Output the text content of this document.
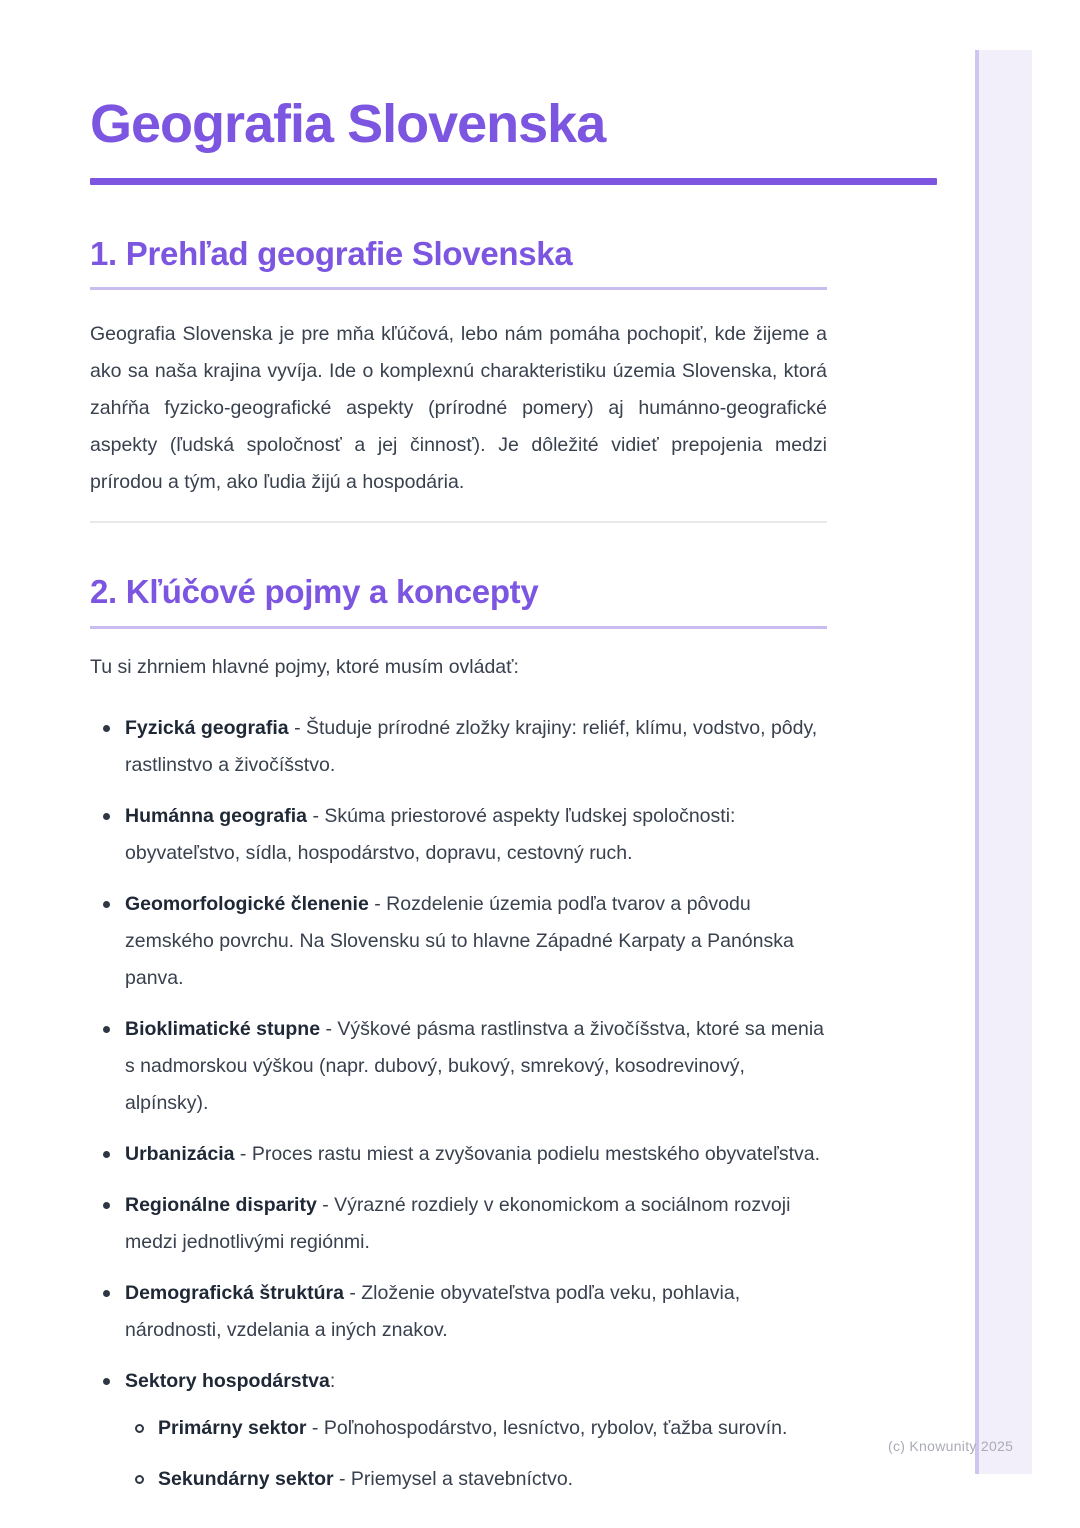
Geografia Slovenska
1. Prehľad geografie Slovenska

Geografia Slovenska je pre mňa kľúčová, lebo nám pomáha pochopiť, kde žijeme a ako sa naša krajina vyvíja. Ide o komplexnú charakteristiku územia Slovenska, ktorá zahŕňa fyzicko-geografické aspekty (prírodné pomery) aj humánno-geografické aspekty (ľudská spoločnosť a jej činnosť). Je dôležité vidieť prepojenia medzi prírodou a tým, ako ľudia žijú a hospodária.

2. Kľúčové pojmy a koncepty

Tu si zhrniem hlavné pojmy, ktoré musím ovládať:

Fyzická geografia - Študuje prírodné zložky krajiny: reliéf, klímu, vodstvo, pôdy, rastlinstvo a živočíšstvo.
Humánna geografia - Skúma priestorové aspekty ľudskej spoločnosti: obyvateľstvo, sídla, hospodárstvo, dopravu, cestovný ruch.
Geomorfologické členenie - Rozdelenie územia podľa tvarov a pôvodu zemského povrchu. Na Slovensku sú to hlavne Západné Karpaty a Panónska panva.
Bioklimatické stupne - Výškové pásma rastlinstva a živočíšstva, ktoré sa menia s nadmorskou výškou (napr. dubový, bukový, smrekový, kosodrevinový, alpínsky).
Urbanizácia - Proces rastu miest a zvyšovania podielu mestského obyvateľstva.
Regionálne disparity - Výrazné rozdiely v ekonomickom a sociálnom rozvoji medzi jednotlivými regiónmi.
Demografická štruktúra - Zloženie obyvateľstva podľa veku, pohlavia, národnosti, vzdelania a iných znakov.
Sektory hospodárstva:
Primárny sektor - Poľnohospodárstvo, lesníctvo, rybolov, ťažba surovín.
Sekundárny sektor - Priemysel a stavebníctvo.
(c) Knowunity 2025
